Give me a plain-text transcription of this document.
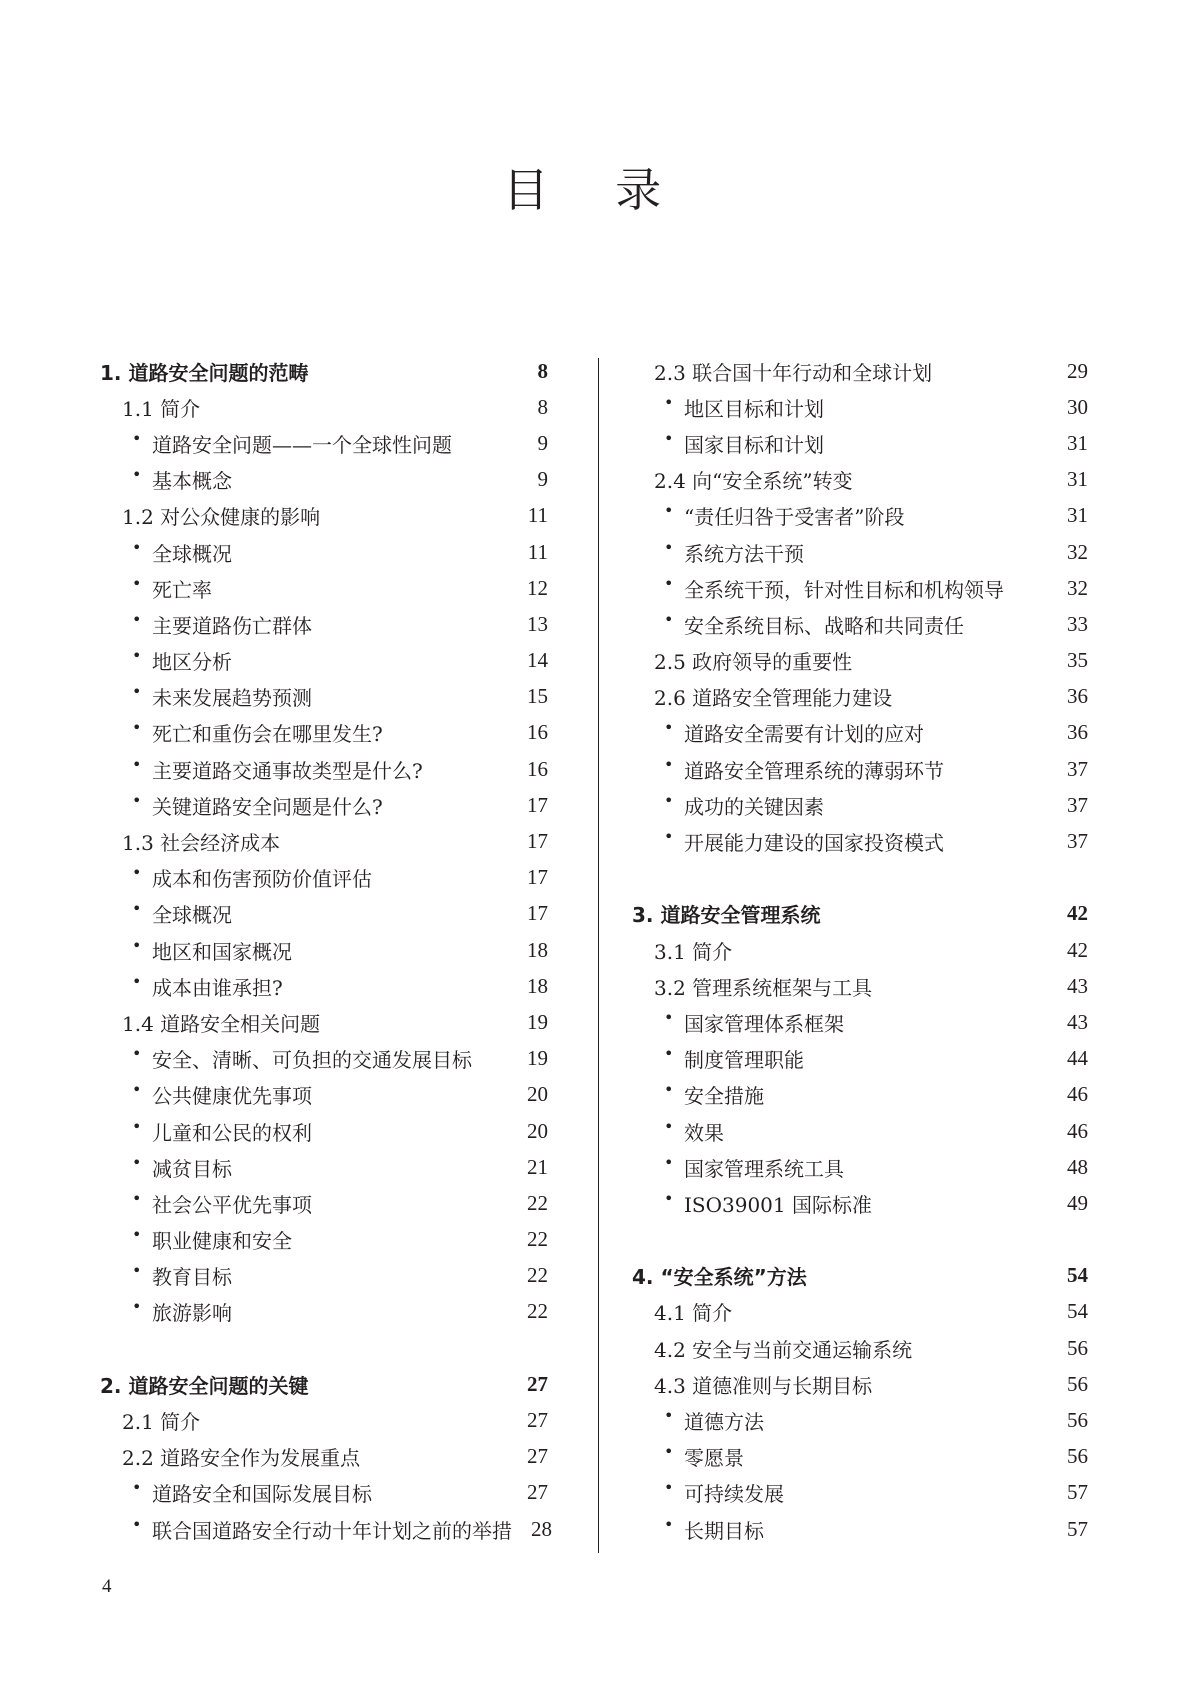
目 录
1. 道路安全问题的范畴	8
1.1 简介	8
• 道路安全问题——一个全球性问题	9
• 基本概念	9
1.2 对公众健康的影响	11
• 全球概况	11
• 死亡率	12
• 主要道路伤亡群体	13
• 地区分析	14
• 未来发展趋势预测	15
• 死亡和重伤会在哪里发生?	16
• 主要道路交通事故类型是什么?	16
• 关键道路安全问题是什么?	17
1.3 社会经济成本	17
• 成本和伤害预防价值评估	17
• 全球概况	17
• 地区和国家概况	18
• 成本由谁承担?	18
1.4 道路安全相关问题	19
• 安全、清晰、可负担的交通发展目标	19
• 公共健康优先事项	20
• 儿童和公民的权利	20
• 减贫目标	21
• 社会公平优先事项	22
• 职业健康和安全	22
• 教育目标	22
• 旅游影响	22
2. 道路安全问题的关键	27
2.1 简介	27
2.2 道路安全作为发展重点	27
• 道路安全和国际发展目标	27
• 联合国道路安全行动十年计划之前的举措 28
2.3 联合国十年行动和全球计划	29
• 地区目标和计划	30
• 国家目标和计划	31
2.4 向“安全系统”转变	31
• “责任归咎于受害者”阶段	31
• 系统方法干预	32
• 全系统干预，针对性目标和机构领导	32
• 安全系统目标、战略和共同责任	33
2.5 政府领导的重要性	35
2.6 道路安全管理能力建设	36
• 道路安全需要有计划的应对	36
• 道路安全管理系统的薄弱环节	37
• 成功的关键因素	37
• 开展能力建设的国家投资模式	37
3. 道路安全管理系统	42
3.1 简介	42
3.2 管理系统框架与工具	43
• 国家管理体系框架	43
• 制度管理职能	44
• 安全措施	46
• 效果	46
• 国家管理系统工具	48
• ISO39001 国际标准	49
4. “安全系统”方法	54
4.1 简介	54
4.2 安全与当前交通运输系统	56
4.3 道德准则与长期目标	56
• 道德方法	56
• 零愿景	56
• 可持续发展	57
• 长期目标	57
4
